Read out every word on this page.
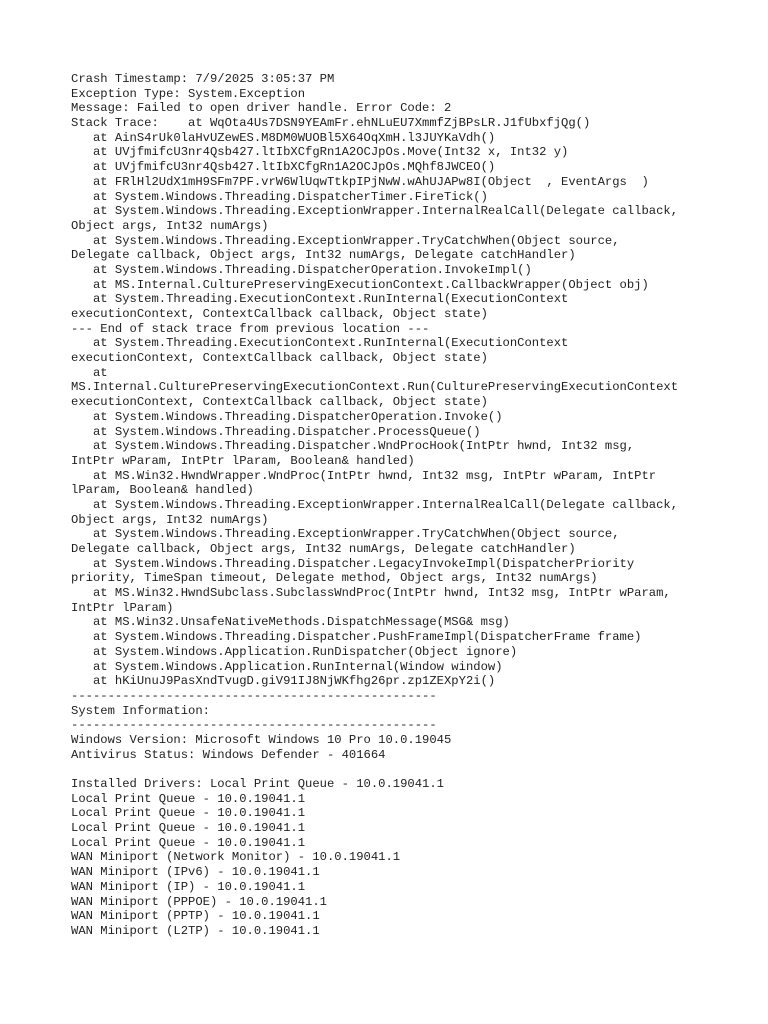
Crash Timestamp: 7/9/2025 3:05:37 PM
Exception Type: System.Exception
Message: Failed to open driver handle. Error Code: 2
Stack Trace:    at WqOta4Us7DSN9YEAmFr.ehNLuEU7XmmfZjBPsLR.J1fUbxfjQg()
at AinS4rUk0laHvUZewES.M8DM0WUOBl5X64OqXmH.l3JUYKaVdh()
at UVjfmifcU3nr4Qsb427.ltIbXCfgRn1A2OCJpOs.Move(Int32 x, Int32 y)
at UVjfmifcU3nr4Qsb427.ltIbXCfgRn1A2OCJpOs.MQhf8JWCEO()
at FRlHl2UdX1mH9SFm7PF.vrW6WlUqwTtkpIPjNwW.wAhUJAPw8I(Object  , EventArgs  )
at System.Windows.Threading.DispatcherTimer.FireTick()
at System.Windows.Threading.ExceptionWrapper.InternalRealCall(Delegate callback,
Object args, Int32 numArgs)
at System.Windows.Threading.ExceptionWrapper.TryCatchWhen(Object source,
Delegate callback, Object args, Int32 numArgs, Delegate catchHandler)
at System.Windows.Threading.DispatcherOperation.InvokeImpl()
at MS.Internal.CulturePreservingExecutionContext.CallbackWrapper(Object obj)
at System.Threading.ExecutionContext.RunInternal(ExecutionContext
executionContext, ContextCallback callback, Object state)
--- End of stack trace from previous location ---
at System.Threading.ExecutionContext.RunInternal(ExecutionContext
executionContext, ContextCallback callback, Object state)
at
MS.Internal.CulturePreservingExecutionContext.Run(CulturePreservingExecutionContext
executionContext, ContextCallback callback, Object state)
at System.Windows.Threading.DispatcherOperation.Invoke()
at System.Windows.Threading.Dispatcher.ProcessQueue()
at System.Windows.Threading.Dispatcher.WndProcHook(IntPtr hwnd, Int32 msg,
IntPtr wParam, IntPtr lParam, Boolean& handled)
at MS.Win32.HwndWrapper.WndProc(IntPtr hwnd, Int32 msg, IntPtr wParam, IntPtr
lParam, Boolean& handled)
at System.Windows.Threading.ExceptionWrapper.InternalRealCall(Delegate callback,
Object args, Int32 numArgs)
at System.Windows.Threading.ExceptionWrapper.TryCatchWhen(Object source,
Delegate callback, Object args, Int32 numArgs, Delegate catchHandler)
at System.Windows.Threading.Dispatcher.LegacyInvokeImpl(DispatcherPriority
priority, TimeSpan timeout, Delegate method, Object args, Int32 numArgs)
at MS.Win32.HwndSubclass.SubclassWndProc(IntPtr hwnd, Int32 msg, IntPtr wParam,
IntPtr lParam)
at MS.Win32.UnsafeNativeMethods.DispatchMessage(MSG& msg)
at System.Windows.Threading.Dispatcher.PushFrameImpl(DispatcherFrame frame)
at System.Windows.Application.RunDispatcher(Object ignore)
at System.Windows.Application.RunInternal(Window window)
at hKiUnuJ9PasXndTvugD.giV91IJ8NjWKfhg26pr.zp1ZEXpY2i()
--------------------------------------------------
System Information:
--------------------------------------------------
Windows Version: Microsoft Windows 10 Pro 10.0.19045
Antivirus Status: Windows Defender - 401664
Installed Drivers: Local Print Queue - 10.0.19041.1
Local Print Queue - 10.0.19041.1
Local Print Queue - 10.0.19041.1
Local Print Queue - 10.0.19041.1
Local Print Queue - 10.0.19041.1
WAN Miniport (Network Monitor) - 10.0.19041.1
WAN Miniport (IPv6) - 10.0.19041.1
WAN Miniport (IP) - 10.0.19041.1
WAN Miniport (PPPOE) - 10.0.19041.1
WAN Miniport (PPTP) - 10.0.19041.1
WAN Miniport (L2TP) - 10.0.19041.1
